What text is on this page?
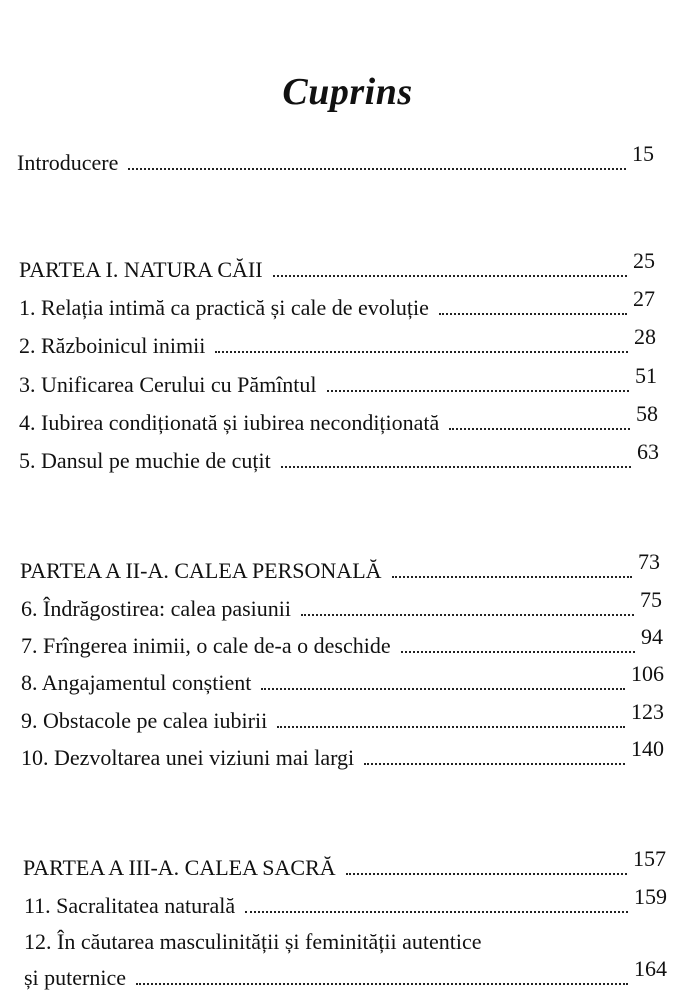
Cuprins
Introducere	15
PARTEA I. NATURA CĂII	25
1. Relația intimă ca practică și cale de evoluție	27
2. Războinicul inimii	28
3. Unificarea Cerului cu Pămîntul	51
4. Iubirea condiționată și iubirea necondiționată	58
5. Dansul pe muchie de cuțit	63
PARTEA A II-A. CALEA PERSONALĂ	73
6. Îndrăgostirea: calea pasiunii	75
7. Frîngerea inimii, o cale de-a o deschide	94
8. Angajamentul conștient	106
9. Obstacole pe calea iubirii	123
10. Dezvoltarea unei viziuni mai largi	140
PARTEA A III-A. CALEA SACRĂ	157
11. Sacralitatea naturală	159
12. În căutarea masculinității și feminității autentice
și puternice	164
